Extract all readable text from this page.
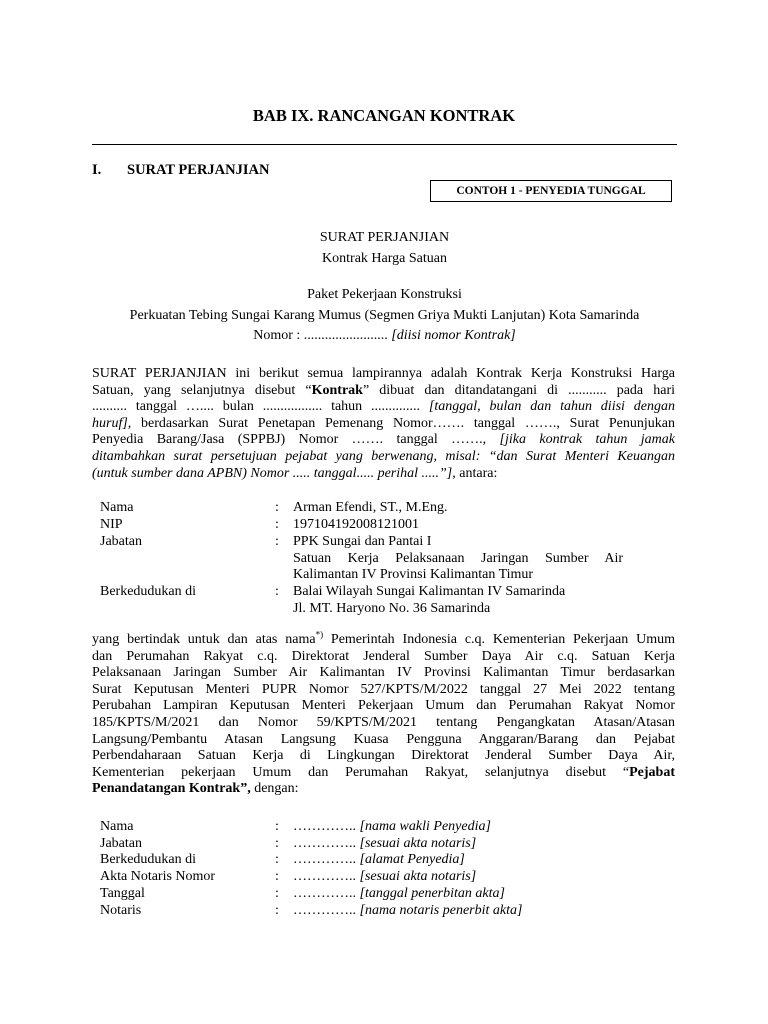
BAB IX. RANCANGAN KONTRAK
I. SURAT PERJANJIAN
CONTOH 1 - PENYEDIA TUNGGAL
SURAT PERJANJIAN
Kontrak Harga Satuan
Paket Pekerjaan Konstruksi
Perkuatan Tebing Sungai Karang Mumus (Segmen Griya Mukti Lanjutan) Kota Samarinda
Nomor : ........................ [diisi nomor Kontrak]
SURAT PERJANJIAN ini berikut semua lampirannya adalah Kontrak Kerja Konstruksi Harga
Satuan, yang selanjutnya disebut “Kontrak” dibuat dan ditandatangani di ........... pada hari
.......... tanggal ….... bulan ................. tahun .............. [tanggal, bulan dan tahun diisi dengan
huruf], berdasarkan Surat Penetapan Pemenang Nomor……. tanggal ……., Surat Penunjukan
Penyedia Barang/Jasa (SPPBJ) Nomor ……. tanggal ……., [jika kontrak tahun jamak
ditambahkan surat persetujuan pejabat yang berwenang, misal: “dan Surat Menteri Keuangan
(untuk sumber dana APBN) Nomor ..... tanggal..... perihal .....”], antara:
Nama	: Arman Efendi, ST., M.Eng.
NIP	: 197104192008121001
Jabatan	: PPK Sungai dan Pantai I
Satuan Kerja Pelaksanaan Jaringan Sumber Air
Kalimantan IV Provinsi Kalimantan Timur
Berkedudukan di	: Balai Wilayah Sungai Kalimantan IV Samarinda
Jl. MT. Haryono No. 36 Samarinda
yang bertindak untuk dan atas nama*) Pemerintah Indonesia c.q. Kementerian Pekerjaan Umum
dan Perumahan Rakyat c.q. Direktorat Jenderal Sumber Daya Air c.q. Satuan Kerja
Pelaksanaan Jaringan Sumber Air Kalimantan IV Provinsi Kalimantan Timur berdasarkan
Surat Keputusan Menteri PUPR Nomor 527/KPTS/M/2022 tanggal 27 Mei 2022 tentang
Perubahan Lampiran Keputusan Menteri Pekerjaan Umum dan Perumahan Rakyat Nomor
185/KPTS/M/2021 dan Nomor 59/KPTS/M/2021 tentang Pengangkatan Atasan/Atasan
Langsung/Pembantu Atasan Langsung Kuasa Pengguna Anggaran/Barang dan Pejabat
Perbendaharaan Satuan Kerja di Lingkungan Direktorat Jenderal Sumber Daya Air,
Kementerian pekerjaan Umum dan Perumahan Rakyat, selanjutnya disebut “Pejabat
Penandatangan Kontrak”, dengan:
Nama	: ………….. [nama wakli Penyedia]
Jabatan	: ………….. [sesuai akta notaris]
Berkedudukan di	: ………….. [alamat Penyedia]
Akta Notaris Nomor	: ………….. [sesuai akta notaris]
Tanggal	: ………….. [tanggal penerbitan akta]
Notaris	: ………….. [nama notaris penerbit akta]
